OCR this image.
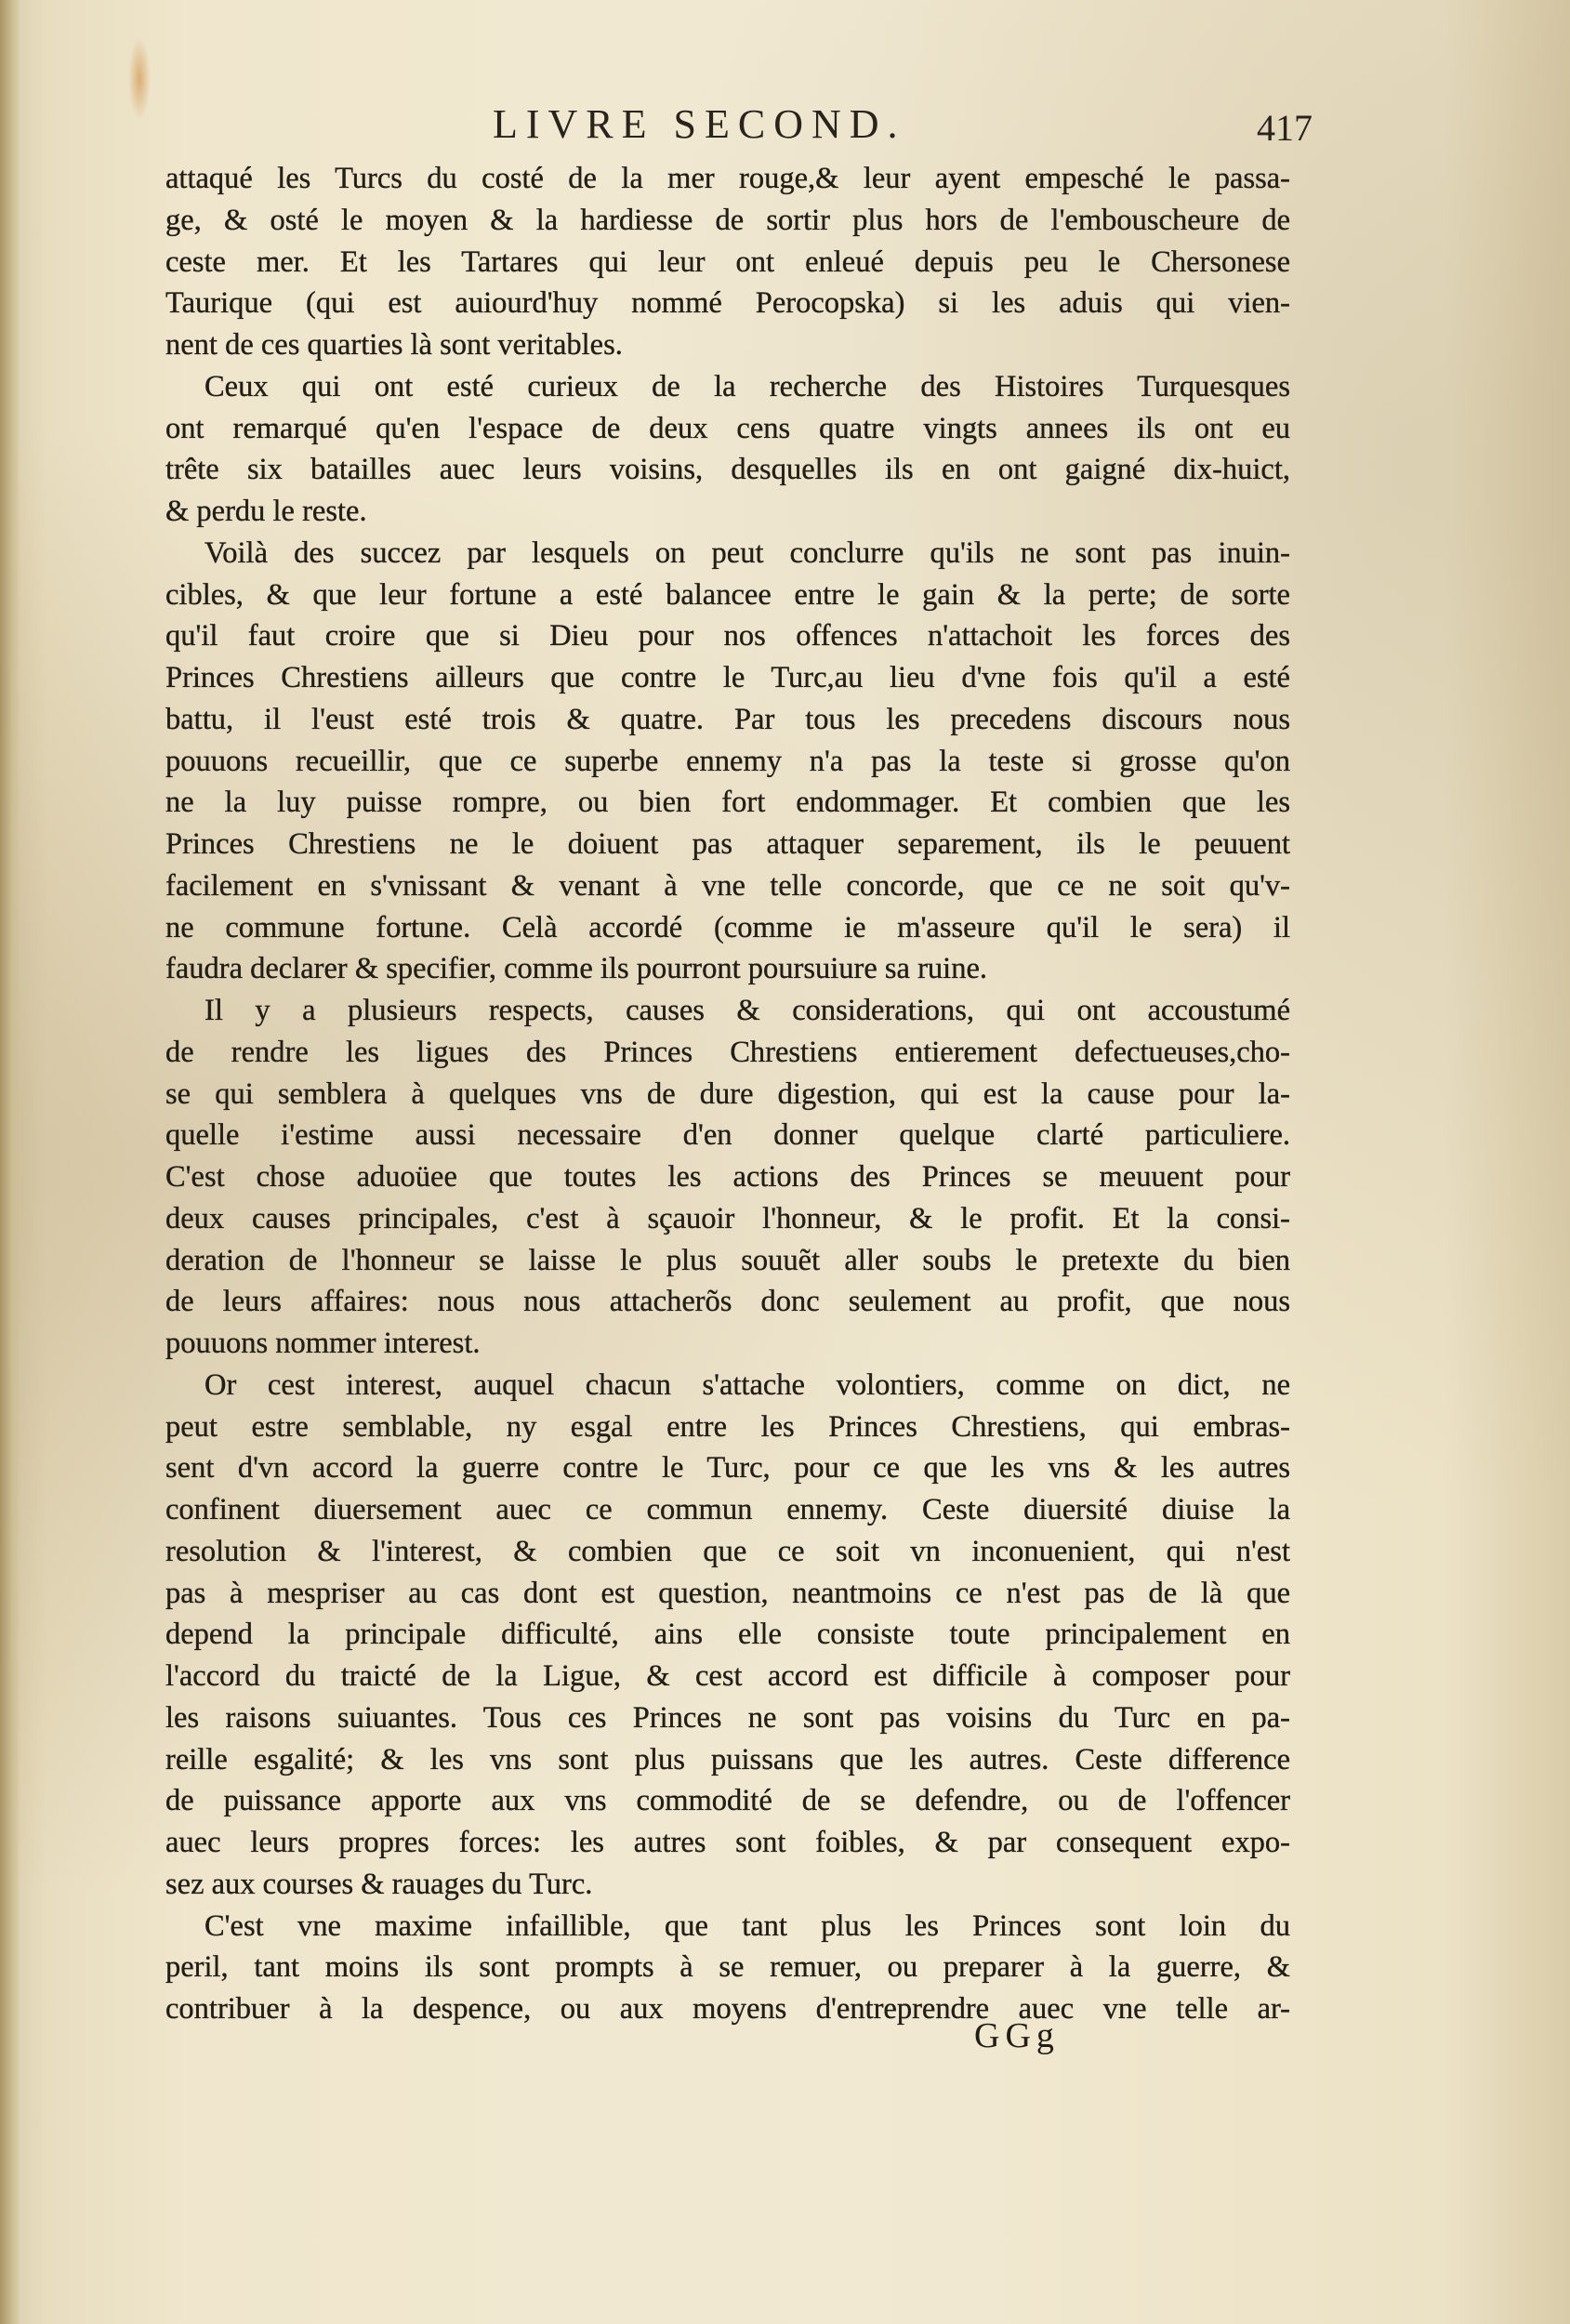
LIVRE SECOND.	417
attaqué les Turcs du costé de la mer rouge,& leur ayent empesché le passa-
ge, & osté le moyen & la hardiesse de sortir plus hors de l'embouscheure de
ceste mer. Et les Tartares qui leur ont enleué depuis peu le Chersonese
Taurique (qui est auiourd'huy nommé Perocopska) si les aduis qui vien-
nent de ces quarties là sont veritables.
Ceux qui ont esté curieux de la recherche des Histoires Turquesques
ont remarqué qu'en l'espace de deux cens quatre vingts annees ils ont eu
trête six batailles auec leurs voisins, desquelles ils en ont gaigné dix-huict,
& perdu le reste.
Voilà des succez par lesquels on peut conclurre qu'ils ne sont pas inuin-
cibles, & que leur fortune a esté balancee entre le gain & la perte; de sorte
qu'il faut croire que si Dieu pour nos offences n'attachoit les forces des
Princes Chrestiens ailleurs que contre le Turc,au lieu d'vne fois qu'il a esté
battu, il l'eust esté trois & quatre. Par tous les precedens discours nous
pouuons recueillir, que ce superbe ennemy n'a pas la teste si grosse qu'on
ne la luy puisse rompre, ou bien fort endommager. Et combien que les
Princes Chrestiens ne le doiuent pas attaquer separement, ils le peuuent
facilement en s'vnissant & venant à vne telle concorde, que ce ne soit qu'v-
ne commune fortune. Celà accordé (comme ie m'asseure qu'il le sera) il
faudra declarer & specifier, comme ils pourront poursuiure sa ruine.
Il y a plusieurs respects, causes & considerations, qui ont accoustumé
de rendre les ligues des Princes Chrestiens entierement defectueuses,cho-
se qui semblera à quelques vns de dure digestion, qui est la cause pour la-
quelle i'estime aussi necessaire d'en donner quelque clarté particuliere.
C'est chose aduoüee que toutes les actions des Princes se meuuent pour
deux causes principales, c'est à sçauoir l'honneur, & le profit. Et la consi-
deration de l'honneur se laisse le plus souuẽt aller soubs le pretexte du bien
de leurs affaires: nous nous attacherõs donc seulement au profit, que nous
pouuons nommer interest.
Or cest interest, auquel chacun s'attache volontiers, comme on dict, ne
peut estre semblable, ny esgal entre les Princes Chrestiens, qui embras-
sent d'vn accord la guerre contre le Turc, pour ce que les vns & les autres
confinent diuersement auec ce commun ennemy. Ceste diuersité diuise la
resolution & l'interest, & combien que ce soit vn inconuenient, qui n'est
pas à mespriser au cas dont est question, neantmoins ce n'est pas de là que
depend la principale difficulté, ains elle consiste toute principalement en
l'accord du traicté de la Ligue, & cest accord est difficile à composer pour
les raisons suiuantes. Tous ces Princes ne sont pas voisins du Turc en pa-
reille esgalité; & les vns sont plus puissans que les autres. Ceste difference
de puissance apporte aux vns commodité de se defendre, ou de l'offencer
auec leurs propres forces: les autres sont foibles, & par consequent expo-
sez aux courses & rauages du Turc.
C'est vne maxime infaillible, que tant plus les Princes sont loin du
peril, tant moins ils sont prompts à se remuer, ou preparer à la guerre, &
contribuer à la despence, ou aux moyens d'entreprendre auec vne telle ar-
GGg
